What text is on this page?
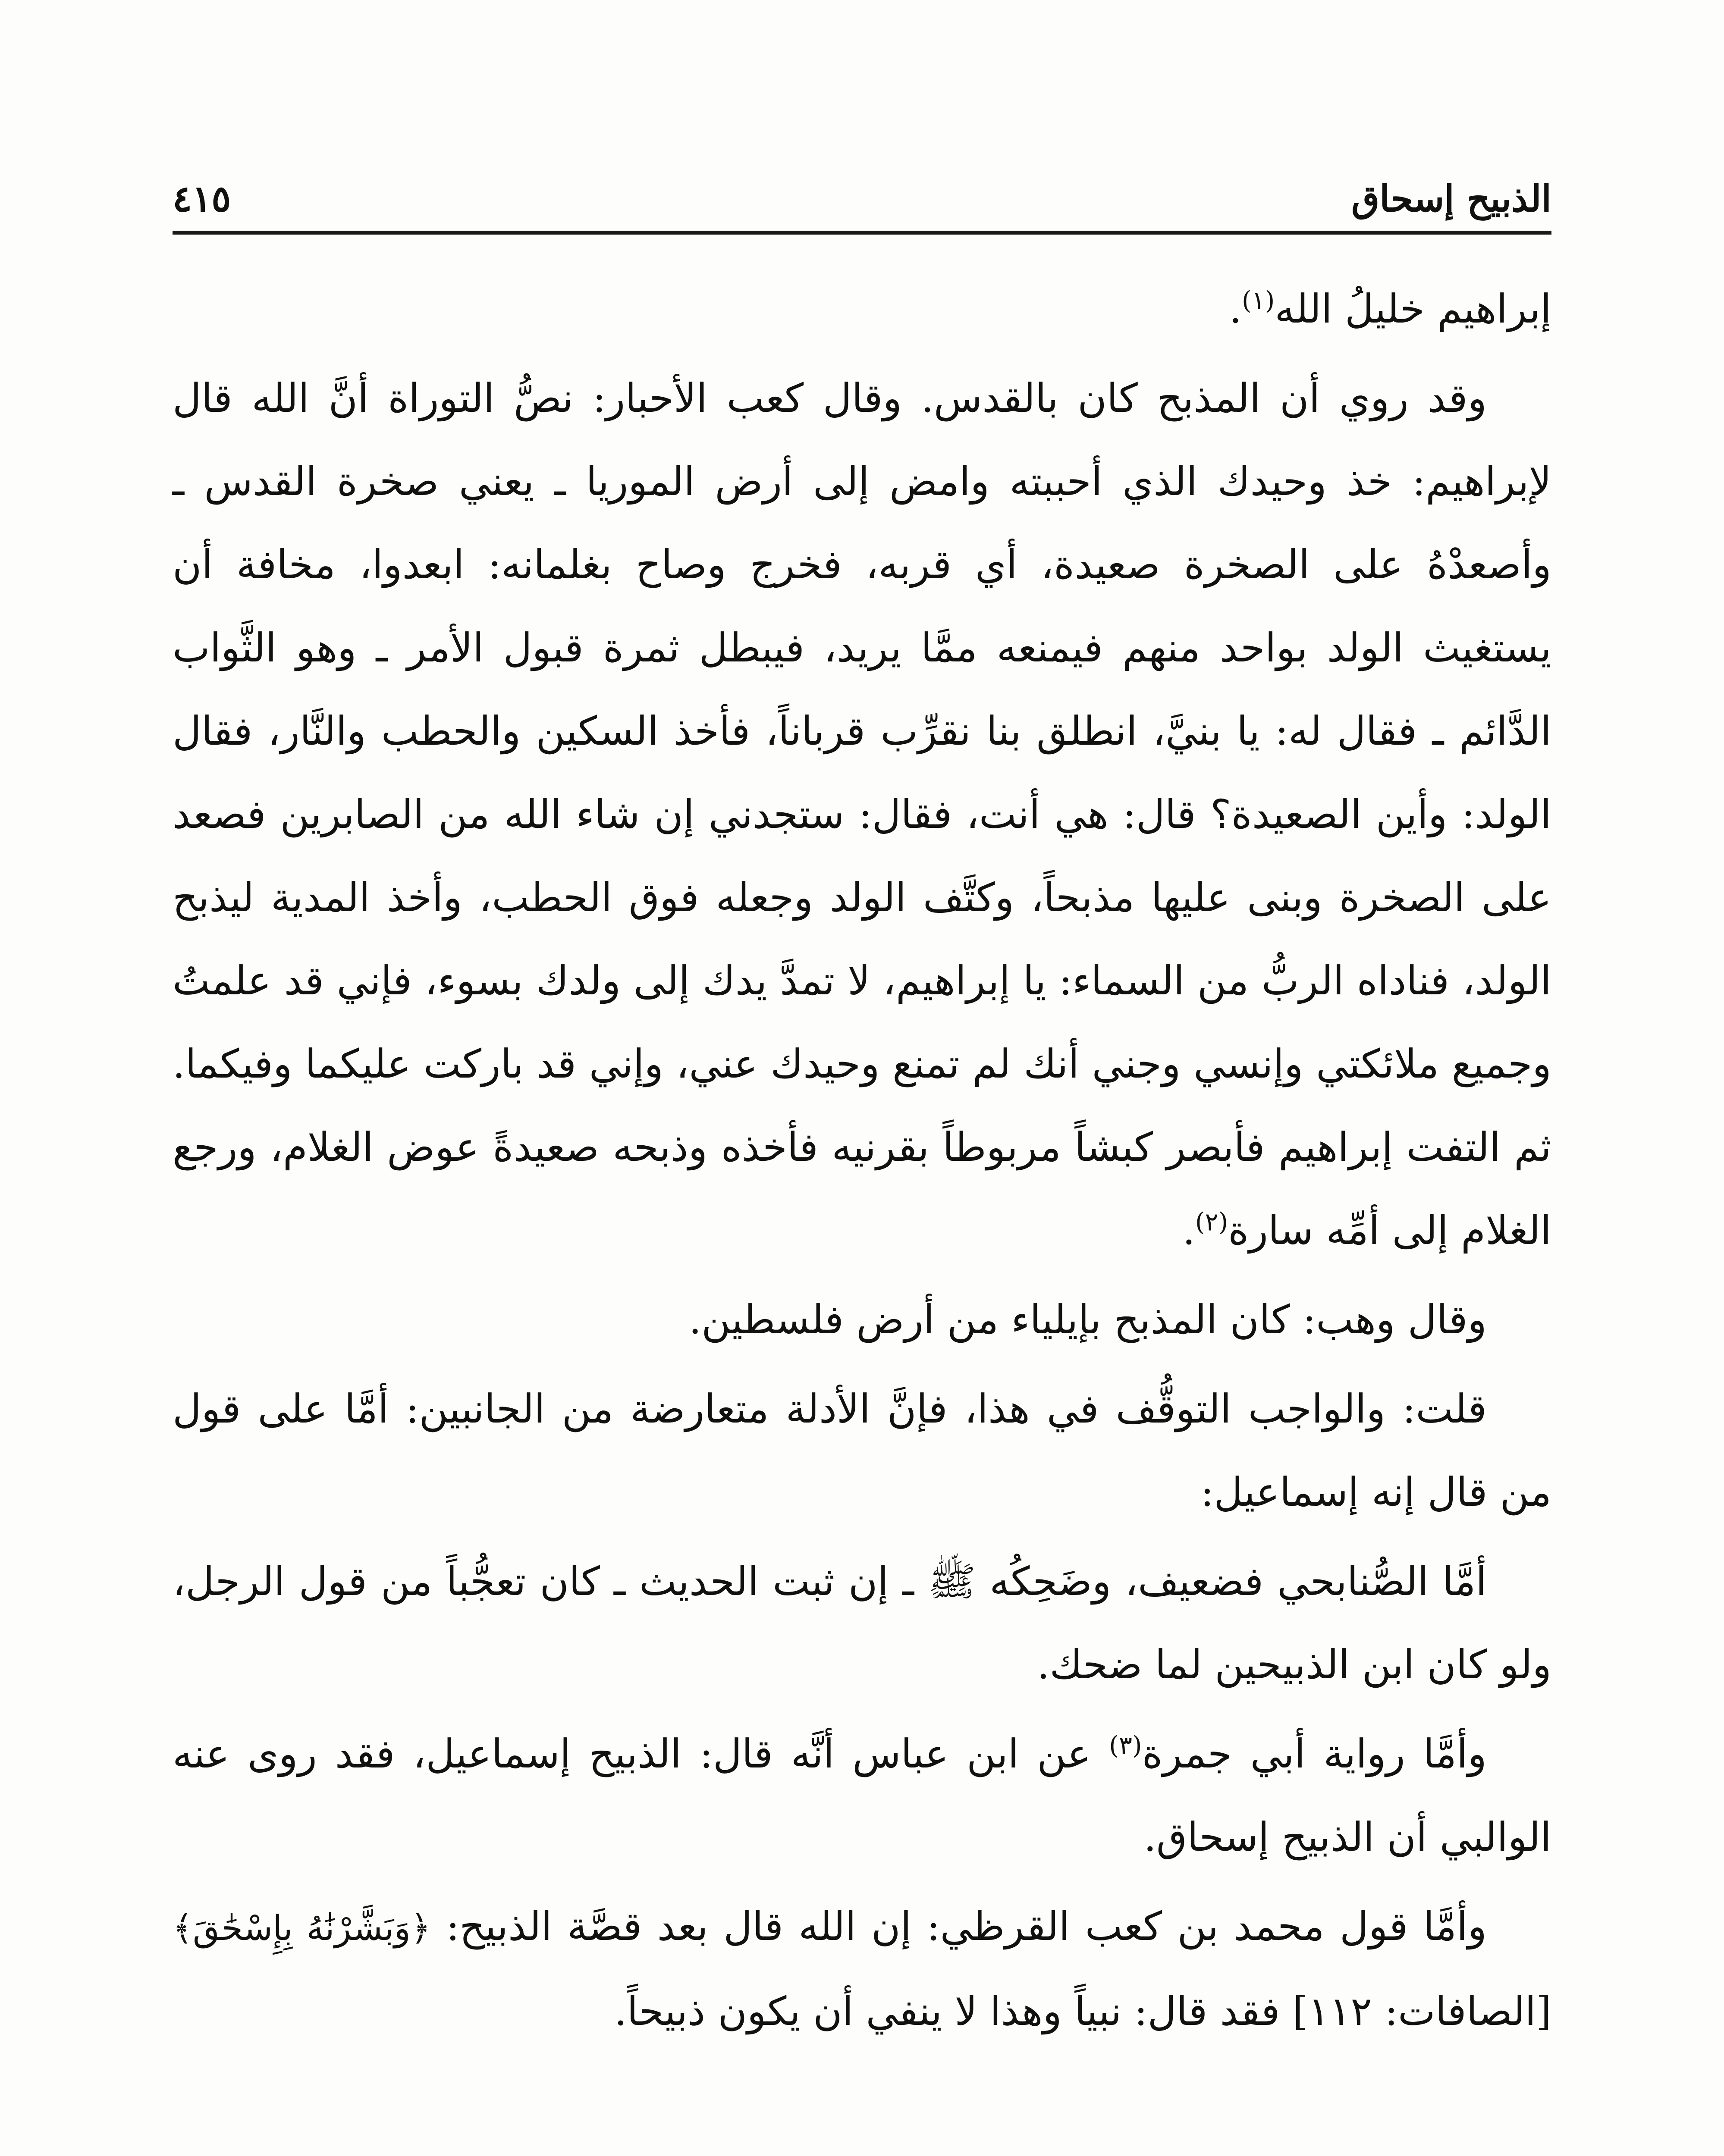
الذبيح إسحاق
٤١٥

إبراهيم خليلُ الله$^{(١)}$.

وقد روي أن المذبح كان بالقدس. وقال كعب الأحبار: نصُّ التوراة أنَّ الله قال لإبراهيم: خذ وحيدك الذي أحببته وامض إلى أرض الموريا ـ يعني صخرة القدس ـ وأصعدْهُ على الصخرة صعيدة، أي قربه، فخرج وصاح بغلمانه: ابعدوا، مخافة أن يستغيث الولد بواحد منهم فيمنعه ممَّا يريد، فيبطل ثمرة قبول الأمر ـ وهو الثَّواب الدَّائم ـ فقال له: يا بنيَّ، انطلق بنا نقرِّب قرباناً، فأخذ السكين والحطب والنَّار، فقال الولد: وأين الصعيدة؟ قال: هي أنت، فقال: ستجدني إن شاء الله من الصابرين فصعد على الصخرة وبنى عليها مذبحاً، وكتَّف الولد وجعله فوق الحطب، وأخذ المدية ليذبح الولد، فناداه الربُّ من السماء: يا إبراهيم، لا تمدَّ يدك إلى ولدك بسوء، فإني قد علمتُ وجميع ملائكتي وإنسي وجني أنك لم تمنع وحيدك عني، وإني قد باركت عليكما وفيكما. ثم التفت إبراهيم فأبصر كبشاً مربوطاً بقرنيه فأخذه وذبحه صعيدةً عوض الغلام، ورجع الغلام إلى أمِّه سارة$^{(٢)}$.

وقال وهب: كان المذبح بإيلياء من أرض فلسطين.

قلت: والواجب التوقُّف في هذا، فإنَّ الأدلة متعارضة من الجانبين: أمَّا على قول من قال إنه إسماعيل:

أمَّا الصُّنابحي فضعيف، وضَحِكُه ﷺ ـ إن ثبت الحديث ـ كان تعجُّباً من قول الرجل، ولو كان ابن الذبيحين لما ضحك.

وأمَّا رواية أبي جمرة$^{(٣)}$ عن ابن عباس أنَّه قال: الذبيح إسماعيل، فقد روى عنه الوالبي أن الذبيح إسحاق.

وأمَّا قول محمد بن كعب القرظي: إن الله قال بعد قصَّة الذبيح: ﴿وَبَشَّرْنَٰهُ بِإِسْحَٰقَ﴾[الصافات: ١١٢] فقد قال: نبياً وهذا لا ينفي أن يكون ذبيحاً.
